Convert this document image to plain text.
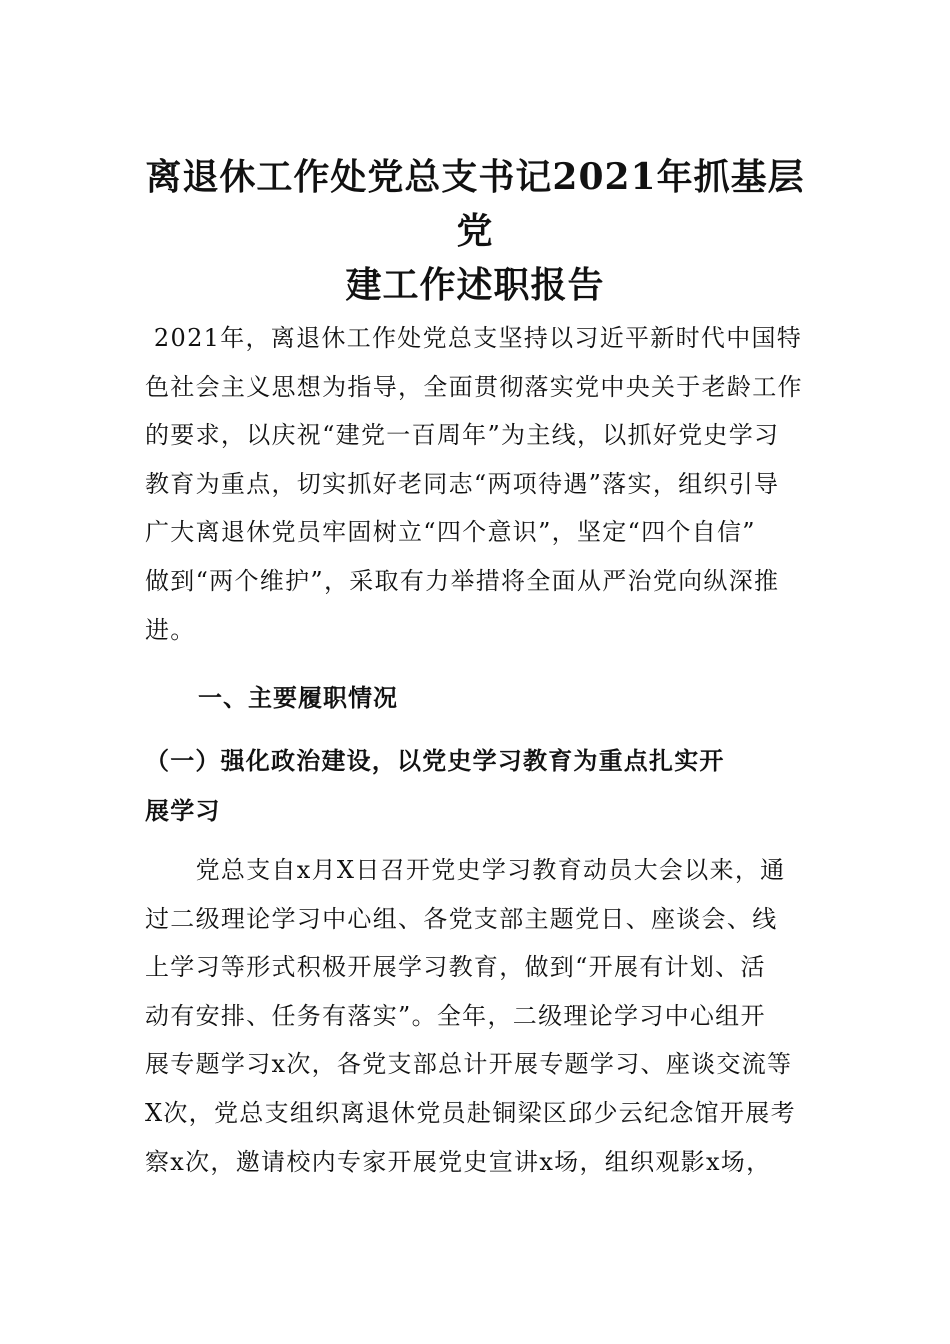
离退休工作处党总支书记2021年抓基层党
建工作述职报告

2021年，离退休工作处党总支坚持以习近平新时代中国特
色社会主义思想为指导，全面贯彻落实党中央关于老龄工作
的要求，以庆祝“建党一百周年”为主线，以抓好党史学习
教育为重点，切实抓好老同志“两项待遇”落实，组织引导
广大离退休党员牢固树立“四个意识”，坚定“四个自信”
做到“两个维护”，采取有力举措将全面从严治党向纵深推
进。

一、主要履职情况
（一）强化政治建设，以党史学习教育为重点扎实开
展学习

　　党总支自x月X日召开党史学习教育动员大会以来，通
过二级理论学习中心组、各党支部主题党日、座谈会、线
上学习等形式积极开展学习教育，做到“开展有计划、活
动有安排、任务有落实”。全年，二级理论学习中心组开
展专题学习x次，各党支部总计开展专题学习、座谈交流等
X次，党总支组织离退休党员赴铜梁区邱少云纪念馆开展考
察x次，邀请校内专家开展党史宣讲x场，组织观影x场，
